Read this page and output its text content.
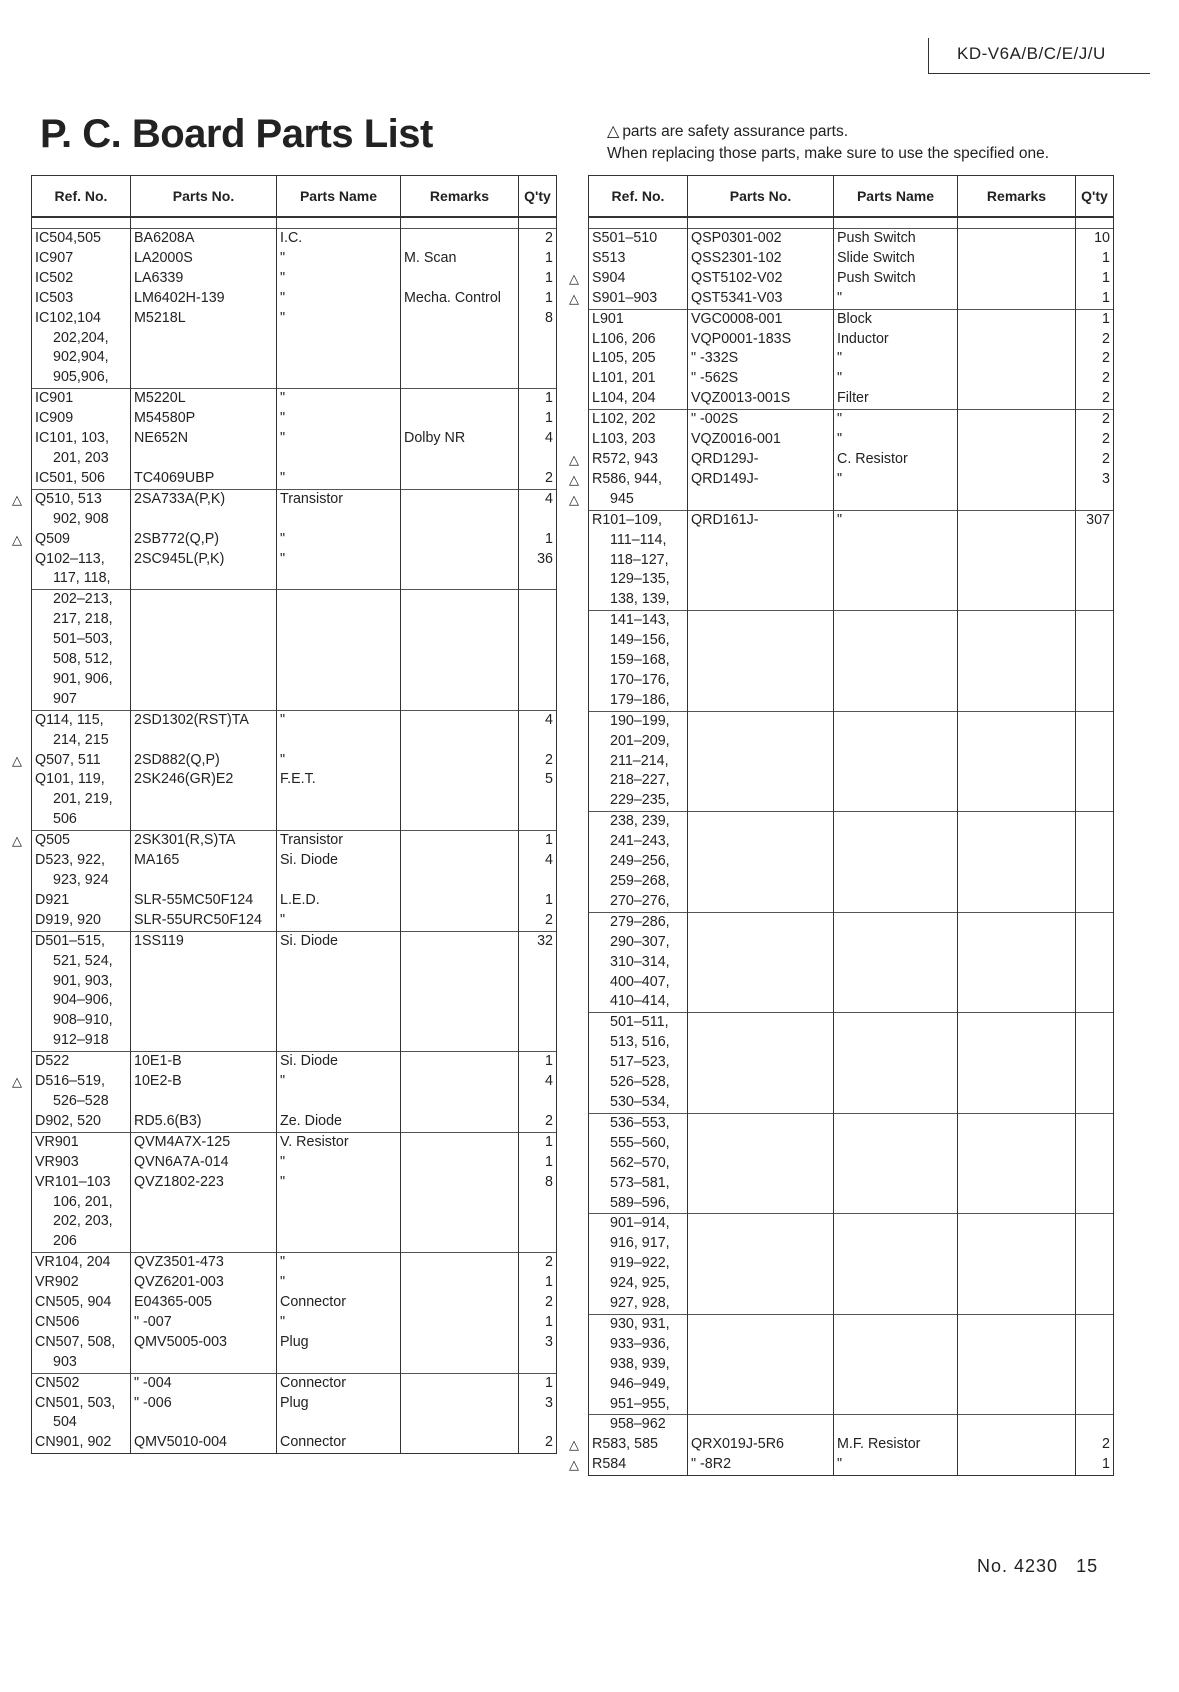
KD-V6A/B/C/E/J/U
P. C. Board Parts List	△ parts are safety assurance parts.
When replacing those parts, make sure to use the specified one.
Ref. No.	Parts No.	Parts Name	Remarks	Q'ty

IC504,505	BA6208A	I.C.		2
IC907	LA2000S	"	M. Scan	1
IC502	LA6339	"		1
IC503	LM6402H-139	"	Mecha. Control	1
IC102,104	M5218L	"		8
202,204,				
902,904,				
905,906,				
IC901	M5220L	"		1
IC909	M54580P	"		1
IC101, 103,	NE652N	"	Dolby NR	4
201, 203				
IC501, 506	TC4069UBP	"		2

△ Q510, 513	2SA733A(P,K)	Transistor		4
902, 908				

△ Q509	2SB772(Q,P)	"		1
Q102–113,	2SC945L(P,K)	"		36
117, 118,				
202–213,				
217, 218,				
501–503,				
508, 512,				
901, 906,				
907				
Q114, 115,	2SD1302(RST)TA	"		4
214, 215				

△ Q507, 511	2SD882(Q,P)	"		2
Q101, 119,	2SK246(GR)E2	F.E.T.		5
201, 219,				
506				

△ Q505	2SK301(R,S)TA	Transistor		1

D523, 922,	MA165	Si. Diode		4
923, 924				
D921	SLR-55MC50F124	L.E.D.		1
D919, 920	SLR-55URC50F124	"		2
D501–515,	1SS119	Si. Diode		32
521, 524,				
901, 903,				
904–906,				
908–910,				
912–918				
D522	10E1-B	Si. Diode		1

△ D516–519,	10E2-B	"		4
526–528				
D902, 520	RD5.6(B3)	Ze. Diode		2

VR901	QVM4A7X-125	V. Resistor		1
VR903	QVN6A7A-014	"		1
VR101–103	QVZ1802-223	"		8
106, 201,				
202, 203,				
206				
VR104, 204	QVZ3501-473	"		2
VR902	QVZ6201-003	"		1

CN505, 904	E04365-005	Connector		2
CN506	" -007	"		1
CN507, 508,	QMV5005-003	Plug		3
903				
CN502	" -004	Connector		1
CN501, 503,	" -006	Plug		3
504				
CN901, 902	QMV5010-004	Connector		2
Ref. No.	Parts No.	Parts Name	Remarks	Q'ty

S501–510	QSP0301-002	Push Switch		10
S513	QSS2301-102	Slide Switch		1

△ S904	QST5102-V02	Push Switch		1

△ S901–903	QST5341-V03	"		1

L901	VGC0008-001	Block		1
L106, 206	VQP0001-183S	Inductor		2
L105, 205	" -332S	"		2
L101, 201	" -562S	"		2
L104, 204	VQZ0013-001S	Filter		2
L102, 202	" -002S	"		2
L103, 203	VQZ0016-001	"		2

△ R572, 943	QRD129J-	C. Resistor		2

△ R586, 944,	QRD149J-	"		3

△ 945				
R101–109,	QRD161J-	"		307
111–114,				
118–127,				
129–135,				
138, 139,				
141–143,				
149–156,				
159–168,				
170–176,				
179–186,				
190–199,				
201–209,				
211–214,				
218–227,				
229–235,				
238, 239,				
241–243,				
249–256,				
259–268,				
270–276,				
279–286,				
290–307,				
310–314,				
400–407,				
410–414,				
501–511,				
513, 516,				
517–523,				
526–528,				
530–534,				
536–553,				
555–560,				
562–570,				
573–581,				
589–596,				
901–914,				
916, 917,				
919–922,				
924, 925,				
927, 928,				
930, 931,				
933–936,				
938, 939,				
946–949,				
951–955,				
958–962				

△ R583, 585	QRX019J-5R6	M.F. Resistor		2

△ R584	" -8R2	"		1

No. 4230 15
